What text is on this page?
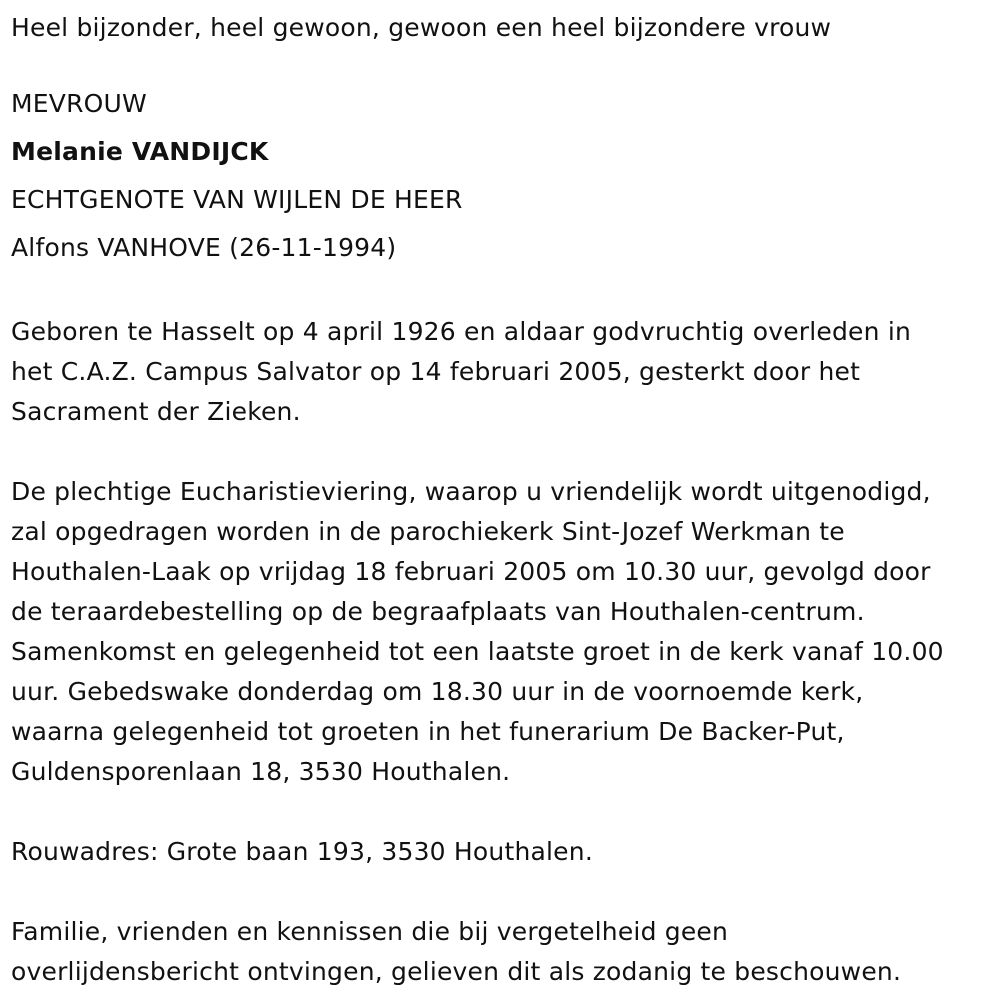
Heel bijzonder, heel gewoon, gewoon een heel bijzondere vrouw
MEVROUW
Melanie VANDIJCK
ECHTGENOTE VAN WIJLEN DE HEER
Alfons VANHOVE (26-11-1994)
Geboren te Hasselt op 4 april 1926 en aldaar godvruchtig overleden in
het C.A.Z. Campus Salvator op 14 februari 2005, gesterkt door het
Sacrament der Zieken.
De plechtige Eucharistieviering, waarop u vriendelijk wordt uitgenodigd,
zal opgedragen worden in de parochiekerk Sint-Jozef Werkman te
Houthalen-Laak op vrijdag 18 februari 2005 om 10.30 uur, gevolgd door
de teraardebestelling op de begraafplaats van Houthalen-centrum.
Samenkomst en gelegenheid tot een laatste groet in de kerk vanaf 10.00
uur. Gebedswake donderdag om 18.30 uur in de voornoemde kerk,
waarna gelegenheid tot groeten in het funerarium De Backer-Put,
Guldensporenlaan 18, 3530 Houthalen.
Rouwadres: Grote baan 193, 3530 Houthalen.
Familie, vrienden en kennissen die bij vergetelheid geen
overlijdensbericht ontvingen, gelieven dit als zodanig te beschouwen.
